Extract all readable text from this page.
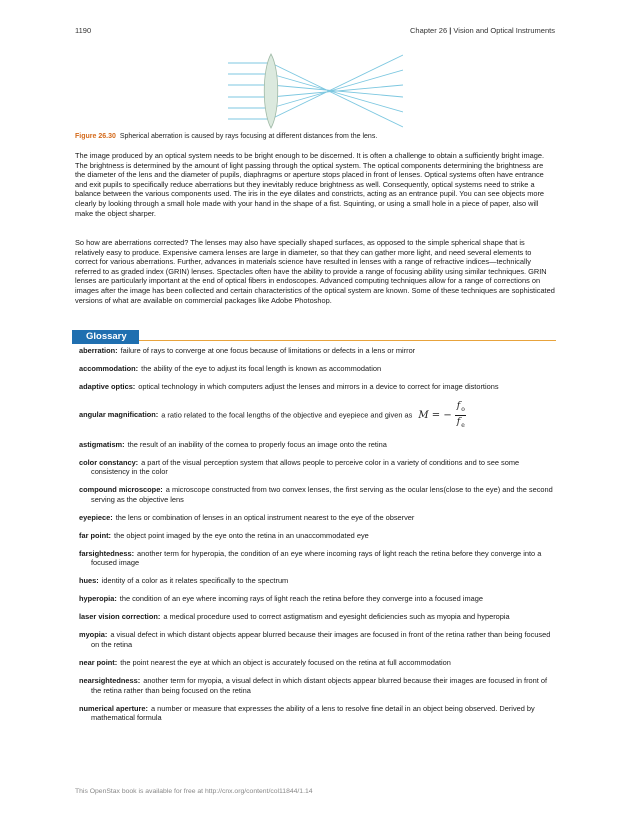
1190	Chapter 26 | Vision and Optical Instruments
Figure 26.30 Spherical aberration is caused by rays focusing at different distances from the lens.

The image produced by an optical system needs to be bright enough to be discerned. It is often a challenge to obtain a sufficiently bright image. The brightness is determined by the amount of light passing through the optical system. The optical components determining the brightness are the diameter of the lens and the diameter of pupils, diaphragms or aperture stops placed in front of lenses. Optical systems often have entrance and exit pupils to specifically reduce aberrations but they inevitably reduce brightness as well. Consequently, optical systems need to strike a balance between the various components used. The iris in the eye dilates and constricts, acting as an entrance pupil. You can see objects more clearly by looking through a small hole made with your hand in the shape of a fist. Squinting, or using a small hole in a piece of paper, also will make the object sharper.

So how are aberrations corrected? The lenses may also have specially shaped surfaces, as opposed to the simple spherical shape that is relatively easy to produce. Expensive camera lenses are large in diameter, so that they can gather more light, and need several elements to correct for various aberrations. Further, advances in materials science have resulted in lenses with a range of refractive indices—technically referred to as graded index (GRIN) lenses. Spectacles often have the ability to provide a range of focusing ability using similar techniques. GRIN lenses are particularly important at the end of optical fibers in endoscopes. Advanced computing techniques allow for a range of corrections on images after the image has been collected and certain characteristics of the optical system are known. Some of these techniques are sophisticated versions of what are available on commercial packages like Adobe Photoshop.

Glossary
aberration: failure of rays to converge at one focus because of limitations or defects in a lens or mirror
accommodation: the ability of the eye to adjust its focal length is known as accommodation
adaptive optics: optical technology in which computers adjust the lenses and mirrors in a device to correct for image distortions
angular magnification: a ratio related to the focal lengths of the objective and eyepiece and given as M = − $\frac{f_o}{f_e}$
astigmatism: the result of an inability of the cornea to properly focus an image onto the retina
color constancy: a part of the visual perception system that allows people to perceive color in a variety of conditions and to see some consistency in the color
compound microscope: a microscope constructed from two convex lenses, the first serving as the ocular lens(close to the eye) and the second serving as the objective lens
eyepiece: the lens or combination of lenses in an optical instrument nearest to the eye of the observer
far point: the object point imaged by the eye onto the retina in an unaccommodated eye
farsightedness: another term for hyperopia, the condition of an eye where incoming rays of light reach the retina before they converge into a focused image
hues: identity of a color as it relates specifically to the spectrum
hyperopia: the condition of an eye where incoming rays of light reach the retina before they converge into a focused image
laser vision correction: a medical procedure used to correct astigmatism and eyesight deficiencies such as myopia and hyperopia
myopia: a visual defect in which distant objects appear blurred because their images are focused in front of the retina rather than being focused on the retina
near point: the point nearest the eye at which an object is accurately focused on the retina at full accommodation
nearsightedness: another term for myopia, a visual defect in which distant objects appear blurred because their images are focused in front of the retina rather than being focused on the retina
numerical aperture: a number or measure that expresses the ability of a lens to resolve fine detail in an object being observed. Derived by mathematical formula
This OpenStax book is available for free at http://cnx.org/content/col11844/1.14
